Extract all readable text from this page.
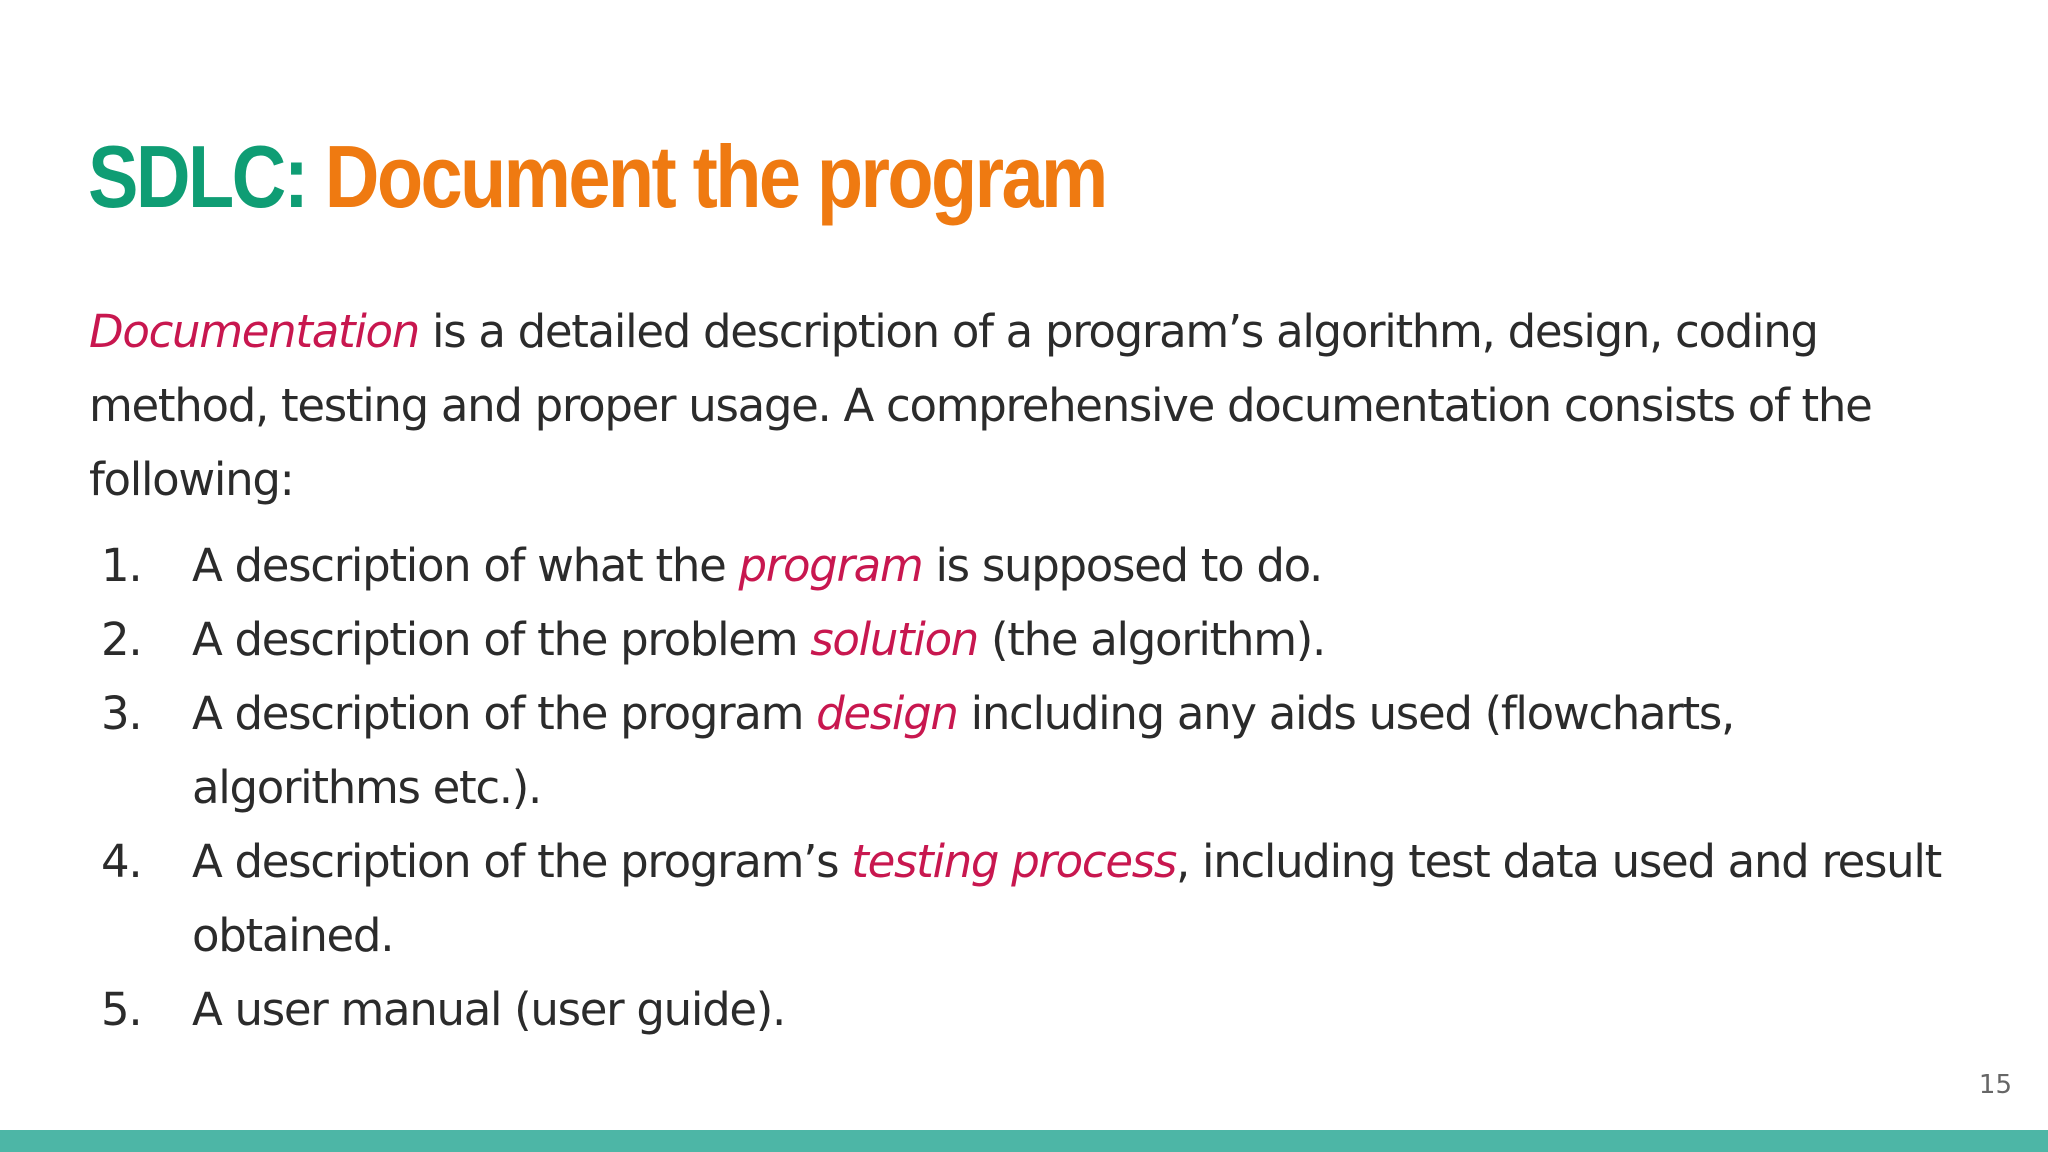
SDLC: Document the program

Documentation is a detailed description of a program’s algorithm, design, coding method, testing and proper usage. A comprehensive documentation consists of the following:

1. A description of what the program is supposed to do.
2. A description of the problem solution (the algorithm).
3. A description of the program design including any aids used (flowcharts, algorithms etc.).
4. A description of the program’s testing process, including test data used and result obtained.
5. A user manual (user guide).
15
